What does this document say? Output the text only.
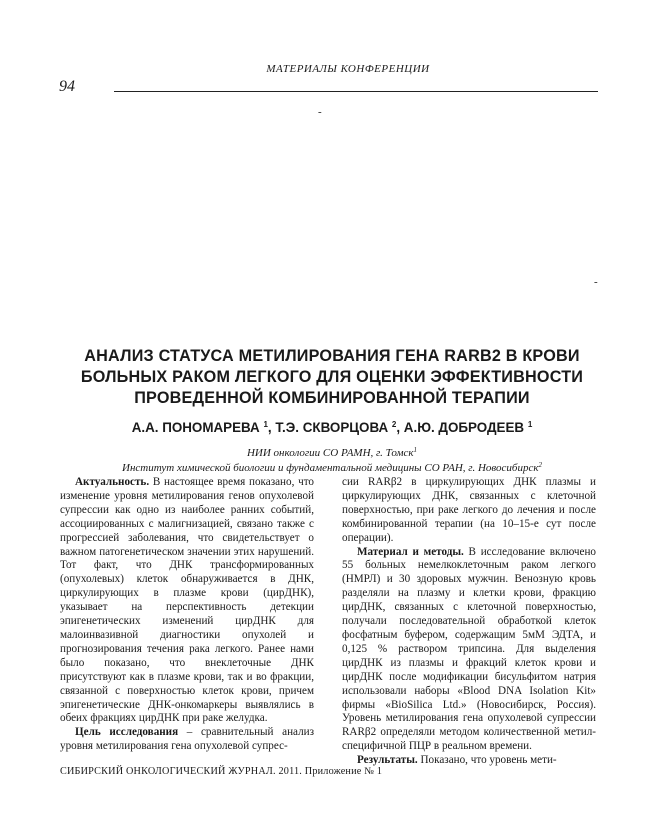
МАТЕРИАЛЫ КОНФЕРЕНЦИИ
94
-
-
АНАЛИЗ СТАТУСА МЕТИЛИРОВАНИЯ ГЕНА RARB2 В КРОВИ
БОЛЬНЫХ РАКОМ ЛЕГКОГО ДЛЯ ОЦЕНКИ ЭФФЕКТИВНОСТИ
ПРОВЕДЕННОЙ КОМБИНИРОВАННОЙ ТЕРАПИИ
А.А. ПОНОМАРЕВА $^1$, Т.Э. СКВОРЦОВА $^2$, А.Ю. ДОБРОДЕЕВ $^1$
НИИ онкологии СО РАМН, г. Томск$^1$
Институт химической биологии и фундаментальной медицины СО РАН, г. Новосибирск$^2$

Актуальность. В настоящее время показано, что изменение уровня метилирования генов опухолевой супрессии как одно из наиболее ранних событий, ассоциированных с малигнизацией, связано также с прогрессией заболевания, что свидетельствует о важном патогенетическом значении этих нарушений. Тот факт, что ДНК трансформированных (опухолевых) клеток обнаруживается в ДНК, циркулирующих в плазме крови (цирДНК), указывает на перспективность детекции эпигенетических изменений цирДНК для малоинвазивной диагностики опухолей и прогнозирования течения рака легкого. Ранее нами было показано, что внеклеточные ДНК присутствуют как в плазме крови, так и во фракции, связанной с поверхностью клеток крови, причем эпигенетические ДНК-онкомаркеры выявлялись в обеих фракциях цирДНК при раке желудка.

Цель исследования – сравнительный анализ уровня метилирования гена опухолевой супрес-

сии RARβ2 в циркулирующих ДНК плазмы и циркулирующих ДНК, связанных с клеточной поверхностью, при раке легкого до лечения и после комбинированной терапии (на 10–15-е сут после операции).

Материал и методы. В исследование включено 55 больных немелкоклеточным раком легкого (НМРЛ) и 30 здоровых мужчин. Венозную кровь разделяли на плазму и клетки крови, фракцию цирДНК, связанных с клеточной поверхностью, получали последовательной обработкой клеток фосфатным буфером, содержащим 5мМ ЭДТА, и 0,125 % раствором трипсина. Для выделения цирДНК из плазмы и фракций клеток крови и цирДНК после модификации бисульфитом натрия использовали наборы «Blood DNA Isolation Kit» фирмы «BioSilica Ltd.» (Новосибирск, Россия). Уровень метилирования гена опухолевой супрессии RARβ2 определяли методом количественной метил-специфичной ПЦР в реальном времени.

Результаты. Показано, что уровень мети-

СИБИРСКИЙ ОНКОЛОГИЧЕСКИЙ ЖУРНАЛ. 2011. Приложение № 1
